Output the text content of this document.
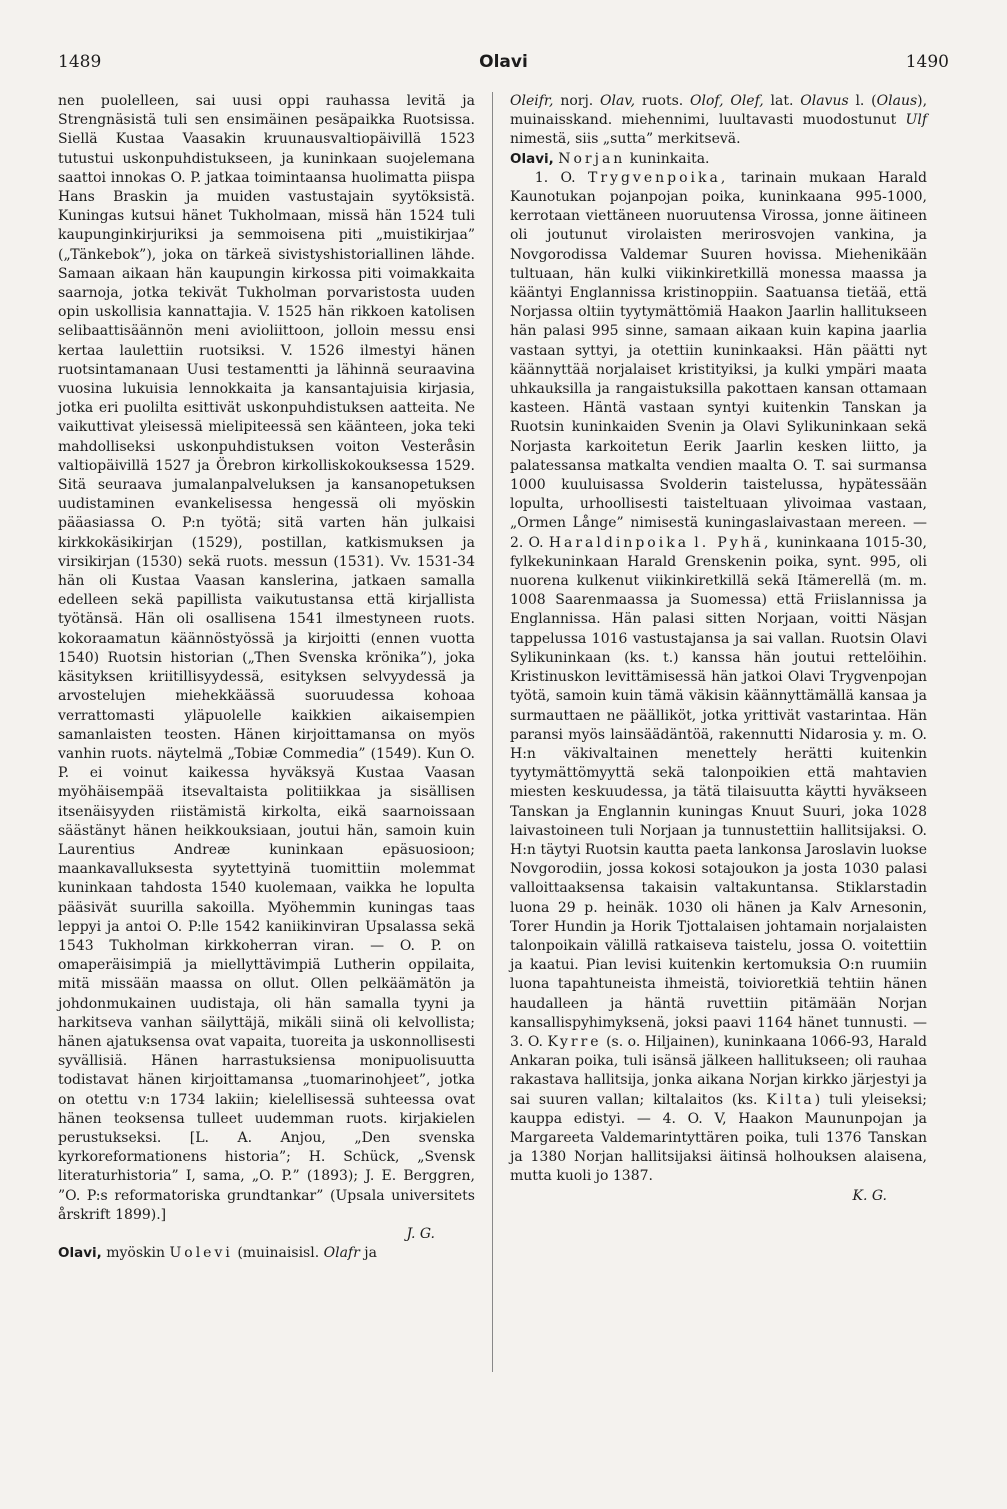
1489	Olavi	1490

nen puolelleen, sai uusi oppi rauhassa levitä ja Strengnäsistä tuli sen ensimäinen pesäpaikka Ruotsissa. Siellä Kustaa Vaasakin kruunausvaltiopäivillä 1523 tutustui uskonpuhdistukseen, ja kuninkaan suojelemana saattoi innokas O. P. jatkaa toimintaansa huolimatta piispa Hans Braskin ja muiden vastustajain syytöksistä. Kuningas kutsui hänet Tukholmaan, missä hän 1524 tuli kaupunginkirjuriksi ja semmoisena piti „muistikirjaa” („Tänkebok”), joka on tärkeä sivistyshistoriallinen lähde. Samaan aikaan hän kaupungin kirkossa piti voimakkaita saarnoja, jotka tekivät Tukholman porvaristosta uuden opin uskollisia kannattajia. V. 1525 hän rikkoen katolisen selibaattisäännön meni avioliittoon, jolloin messu ensi kertaa laulettiin ruotsiksi. V. 1526 ilmestyi hänen ruotsintamanaan Uusi testamentti ja lähinnä seuraavina vuosina lukuisia lennokkaita ja kansantajuisia kirjasia, jotka eri puolilta esittivät uskonpuhdistuksen aatteita. Ne vaikuttivat yleisessä mielipiteessä sen käänteen, joka teki mahdolliseksi uskonpuhdistuksen voiton Vesteråsin valtiopäivillä 1527 ja Örebron kirkolliskokouksessa 1529. Sitä seuraava jumalanpalveluksen ja kansanopetuksen uudistaminen evankelisessa hengessä oli myöskin pääasiassa O. P:n työtä; sitä varten hän julkaisi kirkkokäsikirjan (1529), postillan, katkismuksen ja virsikirjan (1530) sekä ruots. messun (1531). Vv. 1531-34 hän oli Kustaa Vaasan kanslerina, jatkaen samalla edelleen sekä papillista vaikutustansa että kirjallista työtänsä. Hän oli osallisena 1541 ilmestyneen ruots. kokoraamatun käännöstyössä ja kirjoitti (ennen vuotta 1540) Ruotsin historian („Then Svenska krönika”), joka käsityksen kriitillisyydessä, esityksen selvyydessä ja arvostelujen miehekkäässä suoruudessa kohoaa verrattomasti yläpuolelle kaikkien aikaisempien samanlaisten teosten. Hänen kirjoittamansa on myös vanhin ruots. näytelmä „Tobiæ Commedia” (1549). Kun O. P. ei voinut kaikessa hyväksyä Kustaa Vaasan myöhäisempää itsevaltaista politiikkaa ja sisällisen itsenäisyyden riistämistä kirkolta, eikä saarnoissaan säästänyt hänen heikkouksiaan, joutui hän, samoin kuin Laurentius Andreæ kuninkaan epäsuosioon; maankavalluksesta syytettyinä tuomittiin molemmat kuninkaan tahdosta 1540 kuolemaan, vaikka he lopulta pääsivät suurilla sakoilla. Myöhemmin kuningas taas leppyi ja antoi O. P:lle 1542 kaniikinviran Upsalassa sekä 1543 Tukholman kirkkoherran viran. — O. P. on omaperäisimpiä ja miellyttävimpiä Lutherin oppilaita, mitä missään maassa on ollut. Ollen pelkäämätön ja johdonmukainen uudistaja, oli hän samalla tyyni ja harkitseva vanhan säilyttäjä, mikäli siinä oli kelvollista; hänen ajatuksensa ovat vapaita, tuoreita ja uskonnollisesti syvällisiä. Hänen harrastuksiensa monipuolisuutta todistavat hänen kirjoittamansa „tuomarinohjeet”, jotka on otettu v:n 1734 lakiin; kielellisessä suhteessa ovat hänen teoksensa tulleet uudemman ruots. kirjakielen perustukseksi. [L. A. Anjou, „Den svenska kyrkoreformationens historia”; H. Schück, „Svensk literaturhistoria” I, sama, „O. P.” (1893); J. E. Berggren, ”O. P:s reformatoriska grundtankar” (Upsala universitets årskrift 1899).]

J. G.

Olavi, myöskin Uolevi (muinaisisl. Olafr ja

Oleifr, norj. Olav, ruots. Olof, Olef, lat. Olavus l. (Olaus), muinaisskand. miehennimi, luultavasti muodostunut Ulf nimestä, siis „sutta” merkitsevä.

Olavi, Norjan kuninkaita.

1. O. Trygvenpoika, tarinain mukaan Harald Kaunotukan pojanpojan poika, kuninkaana 995-1000, kerrotaan viettäneen nuoruutensa Virossa, jonne äitineen oli joutunut virolaisten merirosvojen vankina, ja Novgorodissa Valdemar Suuren hovissa. Miehenikään tultuaan, hän kulki viikinkiretkillä monessa maassa ja kääntyi Englannissa kristinoppiin. Saatuansa tietää, että Norjassa oltiin tyytymättömiä Haakon Jaarlin hallitukseen hän palasi 995 sinne, samaan aikaan kuin kapina jaarlia vastaan syttyi, ja otettiin kuninkaaksi. Hän päätti nyt käännyttää norjalaiset kristityiksi, ja kulki ympäri maata uhkauksilla ja rangaistuksilla pakottaen kansan ottamaan kasteen. Häntä vastaan syntyi kuitenkin Tanskan ja Ruotsin kuninkaiden Svenin ja Olavi Sylikuninkaan sekä Norjasta karkoitetun Eerik Jaarlin kesken liitto, ja palatessansa matkalta vendien maalta O. T. sai surmansa 1000 kuuluisassa Svolderin taistelussa, hypätessään lopulta, urhoollisesti taisteltuaan ylivoimaa vastaan, „Ormen Långe” nimisestä kuningaslaivastaan mereen. — 2. O. Haraldinpoika l. Pyhä, kuninkaana 1015-30, fylkekuninkaan Harald Grenskenin poika, synt. 995, oli nuorena kulkenut viikinkiretkillä sekä Itämerellä (m. m. 1008 Saarenmaassa ja Suomessa) että Friislannissa ja Englannissa. Hän palasi sitten Norjaan, voitti Näsjan tappelussa 1016 vastustajansa ja sai vallan. Ruotsin Olavi Sylikuninkaan (ks. t.) kanssa hän joutui rettelöihin. Kristinuskon levittämisessä hän jatkoi Olavi Trygvenpojan työtä, samoin kuin tämä väkisin käännyttämällä kansaa ja surmauttaen ne päälliköt, jotka yrittivät vastarintaa. Hän paransi myös lainsäädäntöä, rakennutti Nidarosia y. m. O. H:n väkivaltainen menettely herätti kuitenkin tyytymättömyyttä sekä talonpoikien että mahtavien miesten keskuudessa, ja tätä tilaisuutta käytti hyväkseen Tanskan ja Englannin kuningas Knuut Suuri, joka 1028 laivastoineen tuli Norjaan ja tunnustettiin hallitsijaksi. O. H:n täytyi Ruotsin kautta paeta lankonsa Jaroslavin luokse Novgorodiin, jossa kokosi sotajoukon ja josta 1030 palasi valloittaaksensa takaisin valtakuntansa. Stiklarstadin luona 29 p. heinäk. 1030 oli hänen ja Kalv Arnesonin, Torer Hundin ja Horik Tjottalaisen johtamain norjalaisten talonpoikain välillä ratkaiseva taistelu, jossa O. voitettiin ja kaatui. Pian levisi kuitenkin kertomuksia O:n ruumiin luona tapahtuneista ihmeistä, toivioretkiä tehtiin hänen haudalleen ja häntä ruvettiin pitämään Norjan kansallispyhimyksenä, joksi paavi 1164 hänet tunnusti. — 3. O. Kyrre (s. o. Hiljainen), kuninkaana 1066-93, Harald Ankaran poika, tuli isänsä jälkeen hallitukseen; oli rauhaa rakastava hallitsija, jonka aikana Norjan kirkko järjestyi ja sai suuren vallan; kiltalaitos (ks. Kilta) tuli yleiseksi; kauppa edistyi. — 4. O. V, Haakon Maununpojan ja Margareeta Valdemarintyttären poika, tuli 1376 Tanskan ja 1380 Norjan hallitsijaksi äitinsä holhouksen alaisena, mutta kuoli jo 1387.

K. G.
